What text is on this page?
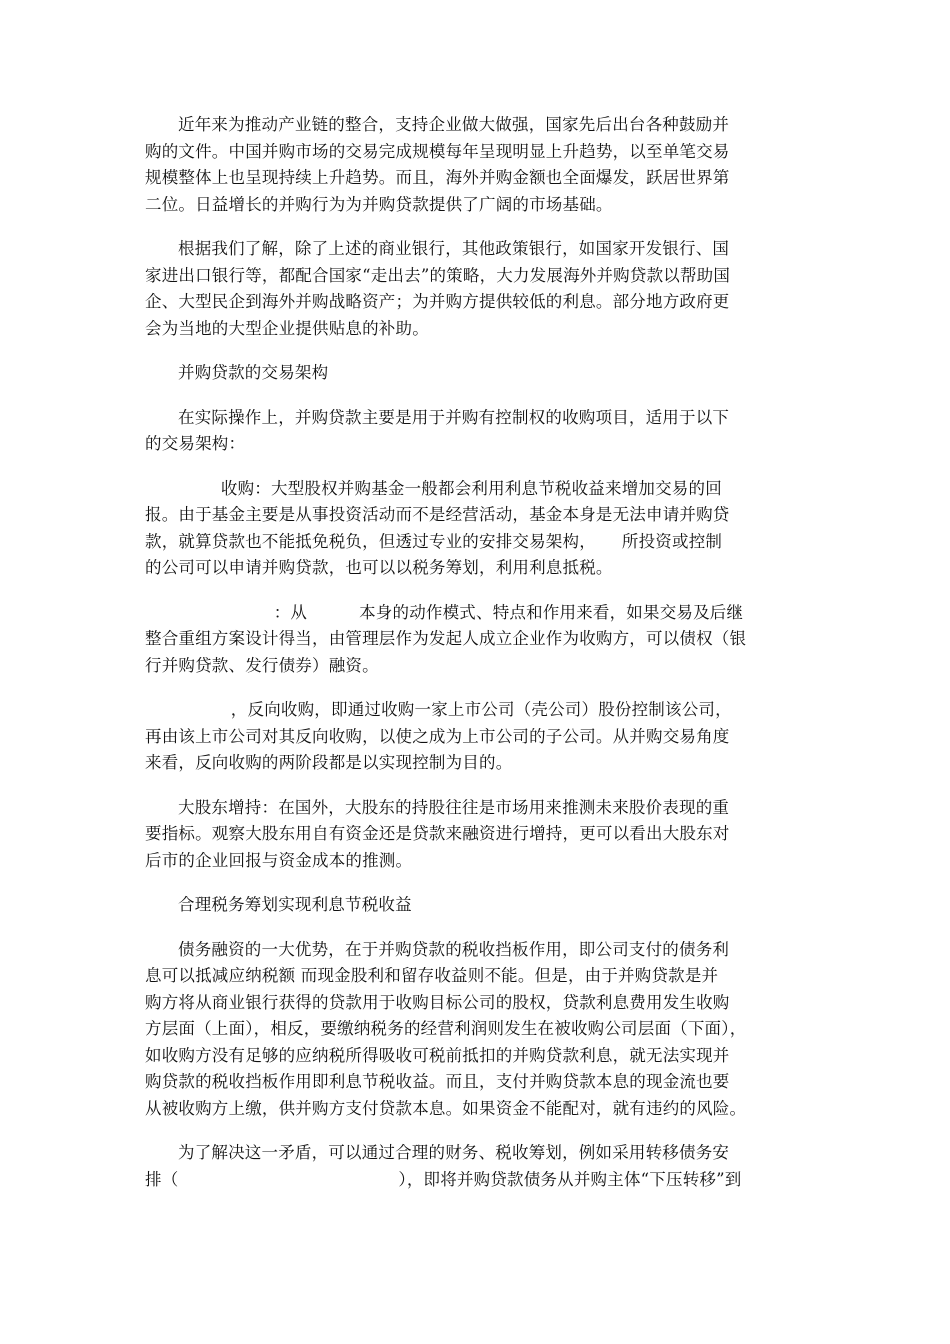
近年来为推动产业链的整合，支持企业做大做强，国家先后出台各种鼓励并
购的文件。中国并购市场的交易完成规模每年呈现明显上升趋势，以至单笔交易
规模整体上也呈现持续上升趋势。而且，海外并购金额也全面爆发，跃居世界第
二位。日益增长的并购行为为并购贷款提供了广阔的市场基础。

根据我们了解，除了上述的商业银行，其他政策银行，如国家开发银行、国
家进出口银行等，都配合国家“走出去”的策略，大力发展海外并购贷款以帮助国
企、大型民企到海外并购战略资产；为并购方提供较低的利息。部分地方政府更
会为当地的大型企业提供贴息的补助。

并购贷款的交易架构

在实际操作上，并购贷款主要是用于并购有控制权的收购项目，适用于以下
的交易架构：

收购：大型股权并购基金一般都会利用利息节税收益来增加交易的回
报。由于基金主要是从事投资活动而不是经营活动，基金本身是无法申请并购贷
款，就算贷款也不能抵免税负，但透过专业的安排交易架构， 所投资或控制
的公司可以申请并购贷款，也可以以税务筹划，利用利息抵税。

：从	本身的动作模式、特点和作用来看，如果交易及后继
整合重组方案设计得当，由管理层作为发起人成立企业作为收购方，可以债权（银
行并购贷款、发行债券）融资。

，反向收购，即通过收购一家上市公司（壳公司）股份控制该公司，
再由该上市公司对其反向收购，以使之成为上市公司的子公司。从并购交易角度
来看，反向收购的两阶段都是以实现控制为目的。

大股东增持：在国外，大股东的持股往往是市场用来推测未来股价表现的重
要指标。观察大股东用自有资金还是贷款来融资进行增持，更可以看出大股东对
后市的企业回报与资金成本的推测。

合理税务筹划实现利息节税收益

债务融资的一大优势，在于并购贷款的税收挡板作用，即公司支付的债务利
息可以抵减应纳税额 而现金股利和留存收益则不能。但是，由于并购贷款是并
购方将从商业银行获得的贷款用于收购目标公司的股权，贷款利息费用发生收购
方层面（上面），相反，要缴纳税务的经营利润则发生在被收购公司层面（下面），
如收购方没有足够的应纳税所得吸收可税前抵扣的并购贷款利息，就无法实现并
购贷款的税收挡板作用即利息节税收益。而且，支付并购贷款本息的现金流也要
从被收购方上缴，供并购方支付贷款本息。如果资金不能配对，就有违约的风险。

为了解决这一矛盾，可以通过合理的财务、税收筹划，例如采用转移债务安
排（	），即将并购贷款债务从并购主体“下压转移”到
